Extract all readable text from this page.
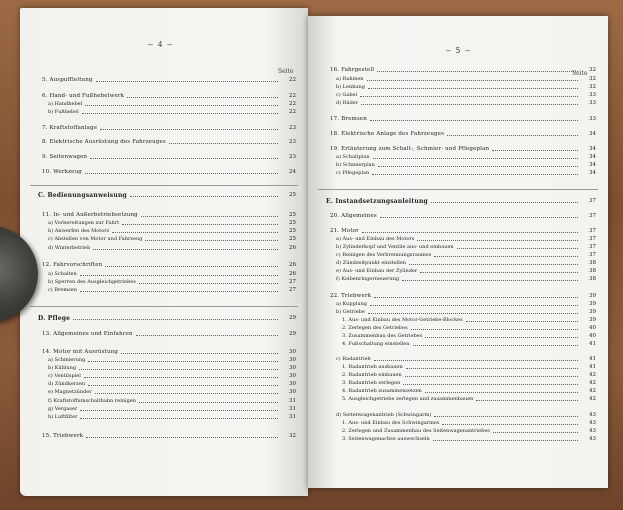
— 4 —
Seite
5. Auspuffleitung	22
6. Hand- und Fußhebelwerk	22
a) Handhebel	22
b) Fußhebel	22
7. Kraftstoffanlage	23
8. Elektrische Ausrüstung des Fahrzeuges	23
9. Seitenwagen	23
10. Werkzeug	24
C. Bedienungsanweisung	25
11. In- und Außerbetriebsetzung	25
a) Vorbereitungen zur Fahrt	25
b) Anwerfen des Motors	25
c) Abstellen von Motor und Fahrzeug	25
d) Winterbetrieb	26
12. Fahrvorschriften	26
a) Schalten	26
b) Sperren des Ausgleichgetriebes	27
c) Bremsen	27
D. Pflege	29
13. Allgemeines und Einfahren	29
14. Motor mit Ausrüstung	30
a) Schmierung	30
b) Kühlung	30
c) Ventilspiel	30
d) Zündkerzen	30
e) Magnetzünder	30
f) Kraftstoffumschalthahn reinigen	31
g) Vergaser	31
h) Luftfilter	31
15. Triebwerk	32
— 5 —
Seite
16. Fahrgestell	32
a) Rahmen	32
b) Lenkung	32
c) Gabel	33
d) Räder	33
17. Bremsen	33
18. Elektrische Anlage des Fahrzeuges	34
19. Erläuterung zum Schalt-, Schmier- und Pflegeplan	34
a) Schaltplan	34
b) Schmierplan	34
c) Pflegeplan	34
E. Instandsetzungsanleitung	37
20. Allgemeines	37
21. Motor	37
a) Aus- und Einbau des Motors	37
b) Zylinderkopf und Ventile aus- und einbauen	37
c) Reinigen des Verbrennungsraumes	37
d) Zündzeitpunkt einstellen	38
e) Aus- und Einbau der Zylinder	38
f) Kolbenringerneuerung	38
22. Triebwerk	39
a) Kupplung	39
b) Getriebe	39
1. Aus- und Einbau des Motor-Getriebe-Blockes	39
2. Zerlegen des Getriebes	40
3. Zusammenbau des Getriebes	40
4. Fußschaltung einstellen	41
c) Radantrieb	41
1. Radantrieb ausbauen	41
2. Radantrieb einbauen	42
3. Radantrieb zerlegen	42
4. Radantrieb zusammensetzen	42
5. Ausgleichgetriebe zerlegen und zusammenbauen	42
d) Seitenwagenantrieb (Schwingarm)	43
1. Aus- und Einbau des Schwingarmes	43
2. Zerlegen und Zusammenbau des Seitenwagenantriebes	43
3. Seitenwagenachse auswechseln	43
